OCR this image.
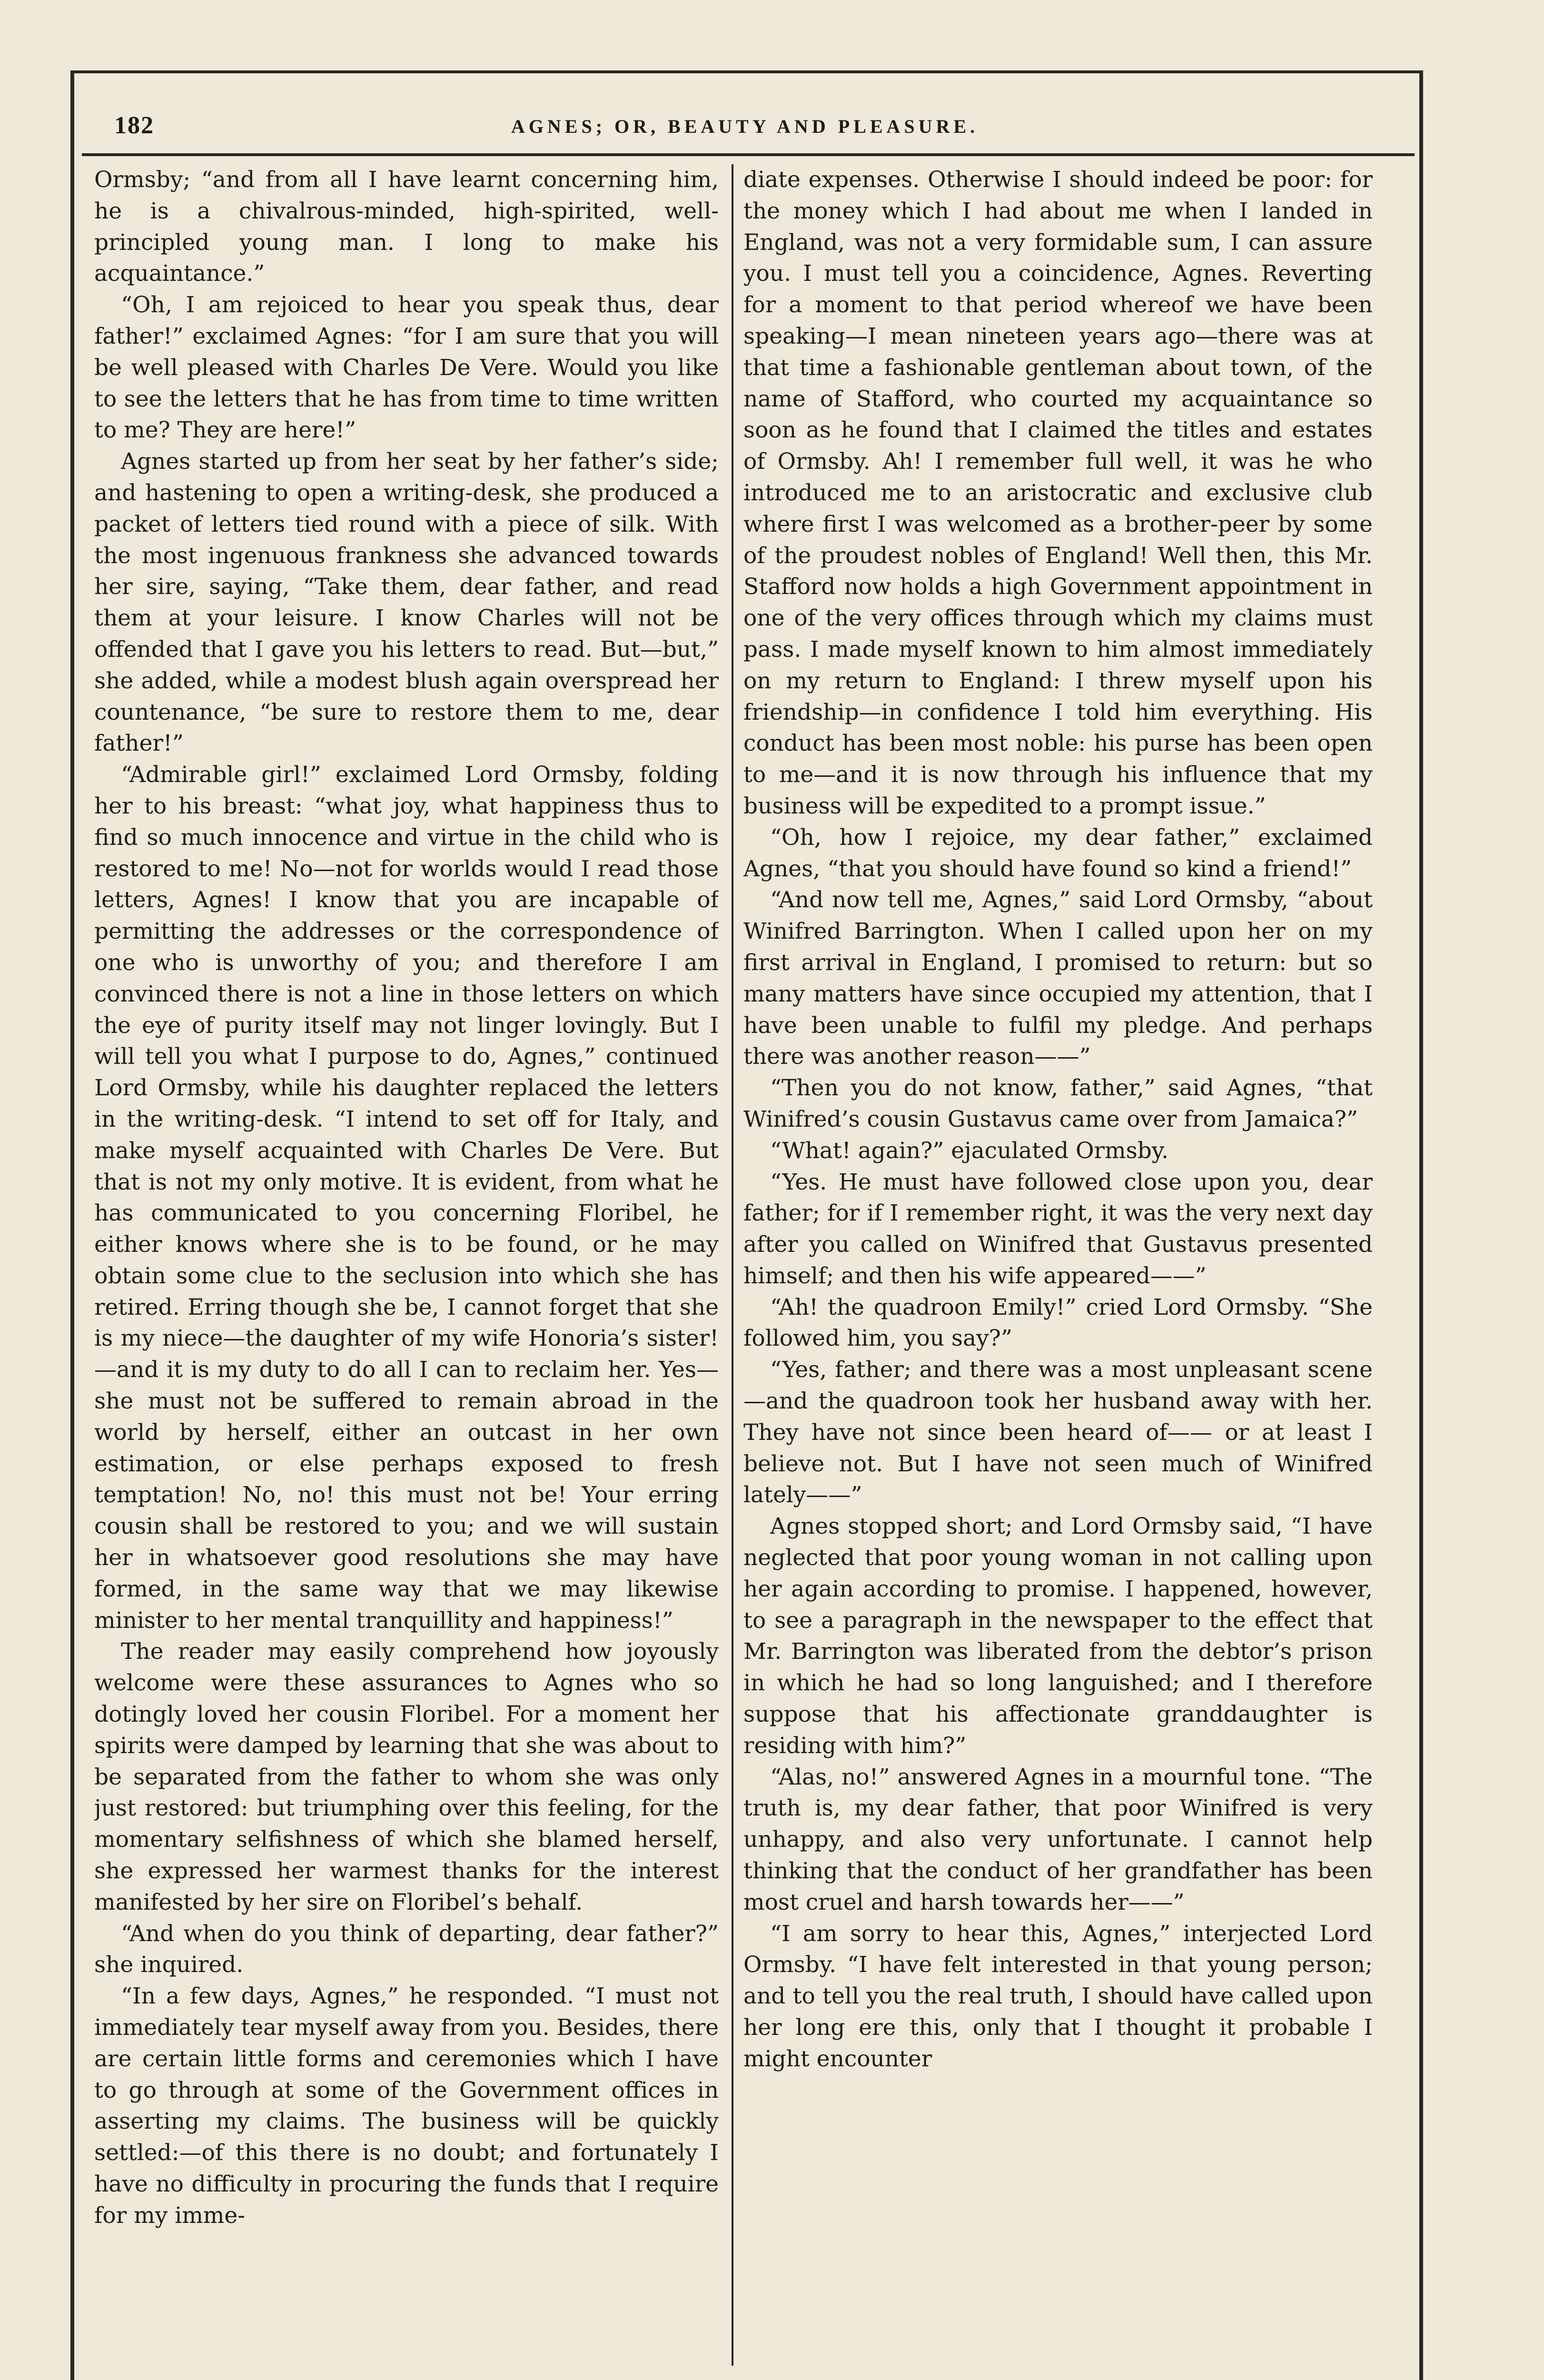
182	AGNES; OR, BEAUTY AND PLEASURE.

Ormsby; “and from all I have learnt concerning him, he is a chivalrous-minded, high-spirited, well-principled young man. I long to make his acquaintance.”

“Oh, I am rejoiced to hear you speak thus, dear father!” exclaimed Agnes: “for I am sure that you will be well pleased with Charles De Vere. Would you like to see the letters that he has from time to time written to me? They are here!”

Agnes started up from her seat by her father’s side; and hastening to open a writing-desk, she produced a packet of letters tied round with a piece of silk. With the most ingenuous frankness she advanced towards her sire, saying, “Take them, dear father, and read them at your leisure. I know Charles will not be offended that I gave you his letters to read. But—but,” she added, while a modest blush again overspread her countenance, “be sure to restore them to me, dear father!”

“Admirable girl!” exclaimed Lord Ormsby, folding her to his breast: “what joy, what happiness thus to find so much innocence and virtue in the child who is restored to me! No—not for worlds would I read those letters, Agnes! I know that you are incapable of permitting the addresses or the correspondence of one who is unworthy of you; and therefore I am convinced there is not a line in those letters on which the eye of purity itself may not linger lovingly. But I will tell you what I purpose to do, Agnes,” continued Lord Ormsby, while his daughter replaced the letters in the writing-desk. “I intend to set off for Italy, and make myself acquainted with Charles De Vere. But that is not my only motive. It is evident, from what he has communicated to you concerning Floribel, he either knows where she is to be found, or he may obtain some clue to the seclusion into which she has retired. Erring though she be, I cannot forget that she is my niece—the daughter of my wife Honoria’s sister!—and it is my duty to do all I can to reclaim her. Yes—she must not be suffered to remain abroad in the world by herself, either an outcast in her own estimation, or else perhaps exposed to fresh temptation! No, no! this must not be! Your erring cousin shall be restored to you; and we will sustain her in whatsoever good resolutions she may have formed, in the same way that we may likewise minister to her mental tranquillity and happiness!”

The reader may easily comprehend how joyously welcome were these assurances to Agnes who so dotingly loved her cousin Floribel. For a moment her spirits were damped by learning that she was about to be separated from the father to whom she was only just restored: but triumphing over this feeling, for the momentary selfishness of which she blamed herself, she expressed her warmest thanks for the interest manifested by her sire on Floribel’s behalf.

“And when do you think of departing, dear father?” she inquired.

“In a few days, Agnes,” he responded. “I must not immediately tear myself away from you. Besides, there are certain little forms and ceremonies which I have to go through at some of the Government offices in asserting my claims. The business will be quickly settled:—of this there is no doubt; and fortunately I have no difficulty in procuring the funds that I require for my imme-

diate expenses. Otherwise I should indeed be poor: for the money which I had about me when I landed in England, was not a very formidable sum, I can assure you. I must tell you a coincidence, Agnes. Reverting for a moment to that period whereof we have been speaking—I mean nineteen years ago—there was at that time a fashionable gentleman about town, of the name of Stafford, who courted my acquaintance so soon as he found that I claimed the titles and estates of Ormsby. Ah! I remember full well, it was he who introduced me to an aristocratic and exclusive club where first I was welcomed as a brother-peer by some of the proudest nobles of England! Well then, this Mr. Stafford now holds a high Government appointment in one of the very offices through which my claims must pass. I made myself known to him almost immediately on my return to England: I threw myself upon his friendship—in confidence I told him everything. His conduct has been most noble: his purse has been open to me—and it is now through his influence that my business will be expedited to a prompt issue.”

“Oh, how I rejoice, my dear father,” exclaimed Agnes, “that you should have found so kind a friend!”

“And now tell me, Agnes,” said Lord Ormsby, “about Winifred Barrington. When I called upon her on my first arrival in England, I promised to return: but so many matters have since occupied my attention, that I have been unable to fulfil my pledge. And perhaps there was another reason——”

“Then you do not know, father,” said Agnes, “that Winifred’s cousin Gustavus came over from Jamaica?”

“What! again?” ejaculated Ormsby.

“Yes. He must have followed close upon you, dear father; for if I remember right, it was the very next day after you called on Winifred that Gustavus presented himself; and then his wife appeared——”

“Ah! the quadroon Emily!” cried Lord Ormsby. “She followed him, you say?”

“Yes, father; and there was a most unpleasant scene—and the quadroon took her husband away with her. They have not since been heard of—— or at least I believe not. But I have not seen much of Winifred lately——”

Agnes stopped short; and Lord Ormsby said, “I have neglected that poor young woman in not calling upon her again according to promise. I happened, however, to see a paragraph in the newspaper to the effect that Mr. Barrington was liberated from the debtor’s prison in which he had so long languished; and I therefore suppose that his affectionate granddaughter is residing with him?”

“Alas, no!” answered Agnes in a mournful tone. “The truth is, my dear father, that poor Winifred is very unhappy, and also very unfortunate. I cannot help thinking that the conduct of her grandfather has been most cruel and harsh towards her——”

“I am sorry to hear this, Agnes,” interjected Lord Ormsby. “I have felt interested in that young person; and to tell you the real truth, I should have called upon her long ere this, only that I thought it probable I might encounter
